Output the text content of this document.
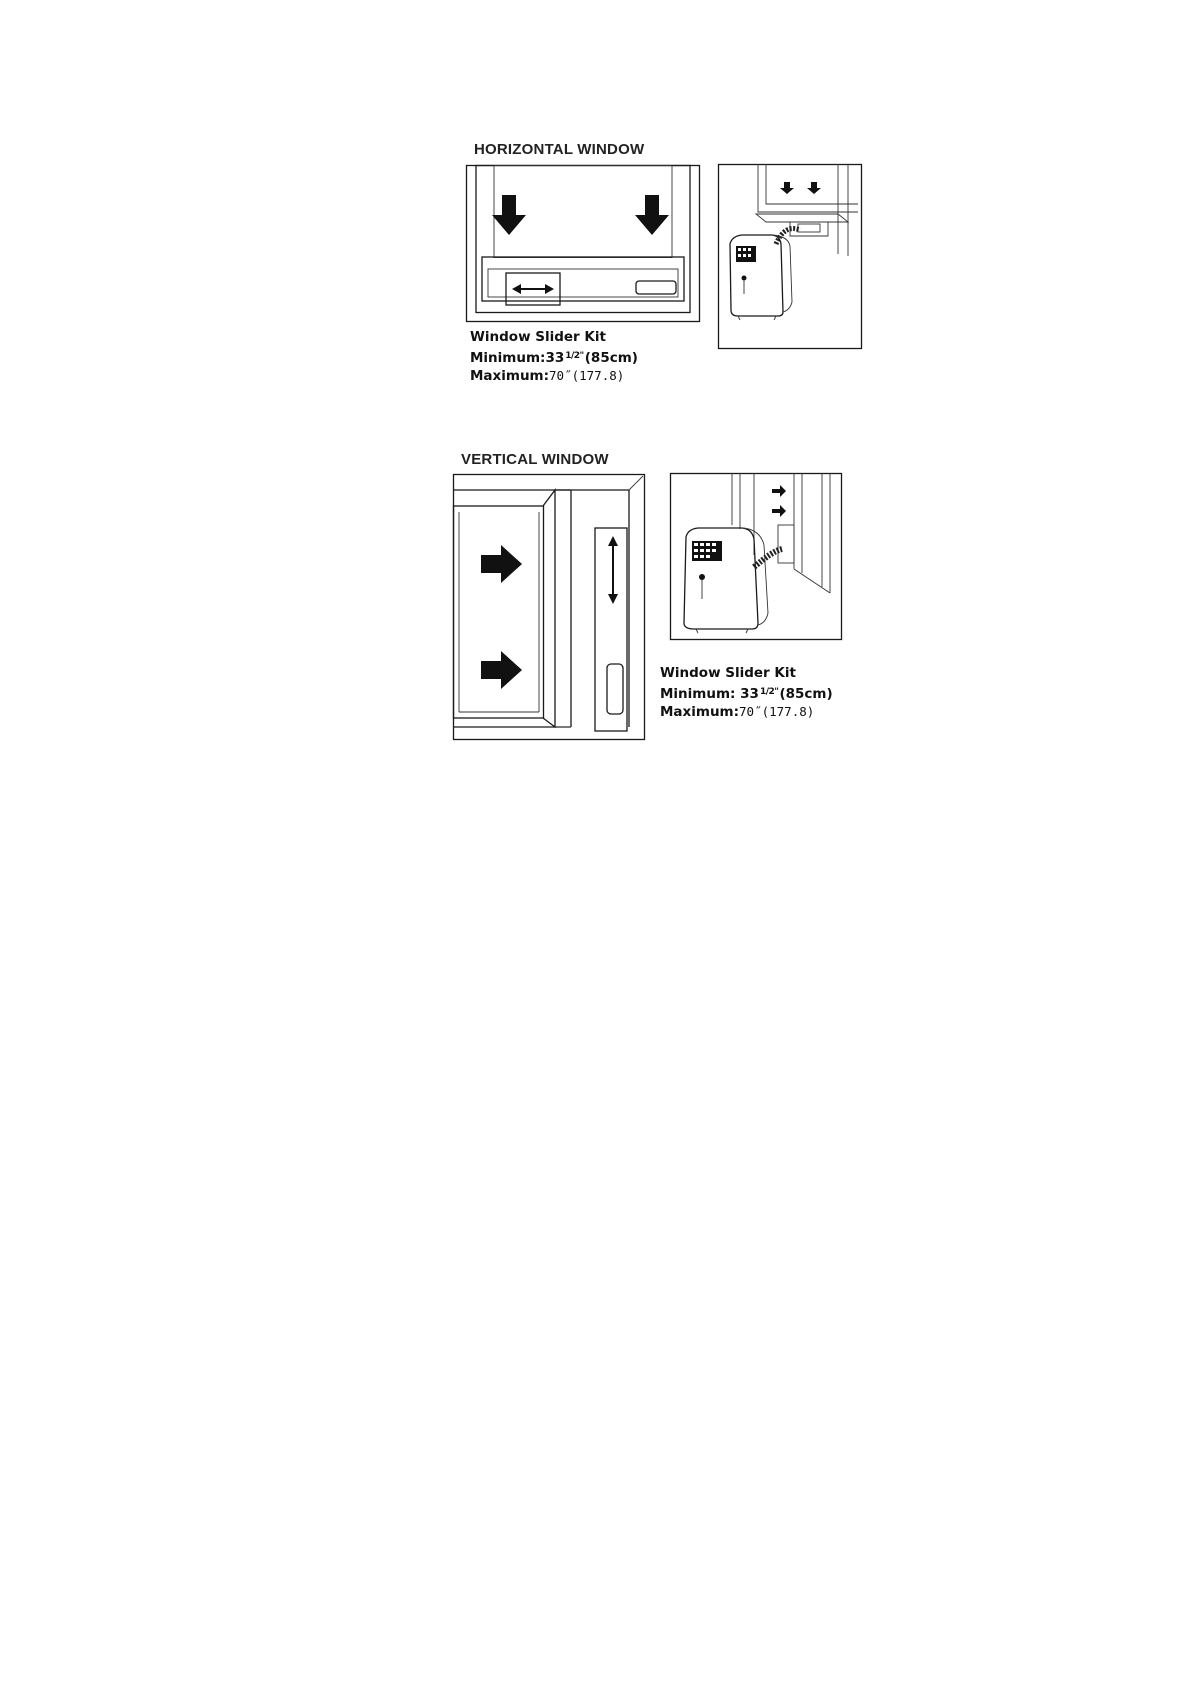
HORIZONTAL WINDOW
Window Slider Kit
Minimum:331/2"(85cm)
Maximum:70˝(177.8)
VERTICAL WINDOW
Window Slider Kit
Minimum: 331/2"(85cm)
Maximum:70˝(177.8)
